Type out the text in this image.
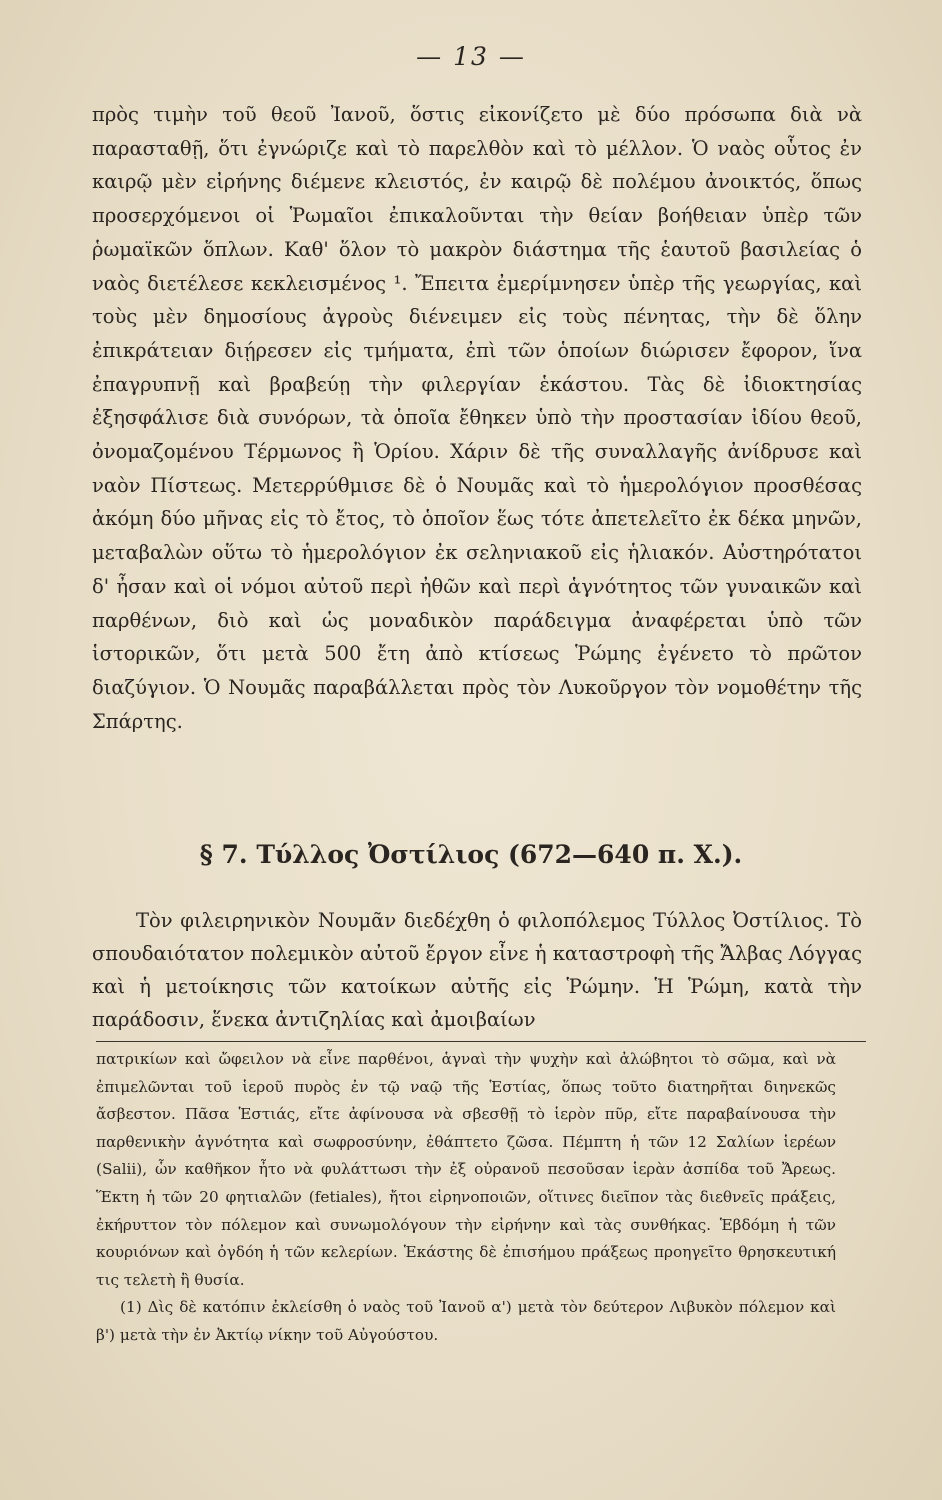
— 13 —

πρὸς τιμὴν τοῦ θεοῦ Ἰανοῦ, ὅστις εἰκονίζετο μὲ δύο πρόσωπα διὰ νὰ παρασταθῇ, ὅτι ἐγνώριζε καὶ τὸ παρελθὸν καὶ τὸ μέλλον. Ὁ ναὸς οὗτος ἐν καιρῷ μὲν εἰρήνης διέμενε κλειστός, ἐν καιρῷ δὲ πολέμου ἀνοικτός, ὅπως προσερχόμενοι οἱ Ῥωμαῖοι ἐπικαλοῦνται τὴν θείαν βοήθειαν ὑπὲρ τῶν ῥωμαϊκῶν ὅπλων. Καθ' ὅλον τὸ μακρὸν διάστημα τῆς ἑαυτοῦ βασιλείας ὁ ναὸς διετέλεσε κεκλεισμένος ¹. Ἔπειτα ἐμερίμνησεν ὑπὲρ τῆς γεωργίας, καὶ τοὺς μὲν δημοσίους ἀγροὺς διένειμεν εἰς τοὺς πένητας, τὴν δὲ ὅλην ἐπικράτειαν διῄρεσεν εἰς τμήματα, ἐπὶ τῶν ὁποίων διώρισεν ἔφορον, ἵνα ἐπαγρυπνῇ καὶ βραβεύῃ τὴν φιλεργίαν ἑκάστου. Τὰς δὲ ἰδιοκτησίας ἐξησφάλισε διὰ συνόρων, τὰ ὁποῖα ἔθηκεν ὑπὸ τὴν προστασίαν ἰδίου θεοῦ, ὀνομαζομένου Τέρμωνος ἢ Ὁρίου. Χάριν δὲ τῆς συναλλαγῆς ἀνίδρυσε καὶ ναὸν Πίστεως. Μετερρύθμισε δὲ ὁ Νουμᾶς καὶ τὸ ἡμερολόγιον προσθέσας ἀκόμη δύο μῆνας εἰς τὸ ἔτος, τὸ ὁποῖον ἕως τότε ἀπετελεῖτο ἐκ δέκα μηνῶν, μεταβαλὼν οὕτω τὸ ἡμερολόγιον ἐκ σεληνιακοῦ εἰς ἡλιακόν. Αὐστηρότατοι δ' ἦσαν καὶ οἱ νόμοι αὐτοῦ περὶ ἠθῶν καὶ περὶ ἁγνότητος τῶν γυναικῶν καὶ παρθένων, διὸ καὶ ὡς μοναδικὸν παράδειγμα ἀναφέρεται ὑπὸ τῶν ἱστορικῶν, ὅτι μετὰ 500 ἔτη ἀπὸ κτίσεως Ῥώμης ἐγένετο τὸ πρῶτον διαζύγιον. Ὁ Νουμᾶς παραβάλλεται πρὸς τὸν Λυκοῦργον τὸν νομοθέτην τῆς Σπάρτης.

§ 7. Τύλλος Ὀστίλιος (672—640 π. Χ.).

Τὸν φιλειρηνικὸν Νουμᾶν διεδέχθη ὁ φιλοπόλεμος Τύλλος Ὀστίλιος. Τὸ σπουδαιότατον πολεμικὸν αὐτοῦ ἔργον εἶνε ἡ καταστροφὴ τῆς Ἄλβας Λόγγας καὶ ἡ μετοίκησις τῶν κατοίκων αὐτῆς εἰς Ῥώμην. Ἡ Ῥώμη, κατὰ τὴν παράδοσιν, ἕνεκα ἀντιζηλίας καὶ ἀμοιβαίων

πατρικίων καὶ ὤφειλον νὰ εἶνε παρθένοι, ἁγναὶ τὴν ψυχὴν καὶ ἀλώβητοι τὸ σῶμα, καὶ νὰ ἐπιμελῶνται τοῦ ἱεροῦ πυρὸς ἐν τῷ ναῷ τῆς Ἑστίας, ὅπως τοῦτο διατηρῆται διηνεκῶς ἄσβεστον. Πᾶσα Ἑστιάς, εἴτε ἀφίνουσα νὰ σβεσθῇ τὸ ἱερὸν πῦρ, εἴτε παραβαίνουσα τὴν παρθενικὴν ἁγνότητα καὶ σωφροσύνην, ἐθάπτετο ζῶσα. Πέμπτη ἡ τῶν 12 Σαλίων ἱερέων (Salii), ὧν καθῆκον ἦτο νὰ φυλάττωσι τὴν ἐξ οὐρανοῦ πεσοῦσαν ἱερὰν ἀσπίδα τοῦ Ἄρεως. Ἕκτη ἡ τῶν 20 φητιαλῶν (fetiales), ἤτοι εἰρηνοποιῶν, οἵτινες διεῖπον τὰς διεθνεῖς πράξεις, ἐκήρυττον τὸν πόλεμον καὶ συνωμολόγουν τὴν εἰρήνην καὶ τὰς συνθήκας. Ἑβδόμη ἡ τῶν κουριόνων καὶ ὀγδόη ἡ τῶν κελερίων. Ἑκάστης δὲ ἐπισήμου πράξεως προηγεῖτο θρησκευτική τις τελετὴ ἢ θυσία.

(1) Δὶς δὲ κατόπιν ἐκλείσθη ὁ ναὸς τοῦ Ἰανοῦ α') μετὰ τὸν δεύτερον Λιβυκὸν πόλεμον καὶ β') μετὰ τὴν ἐν Ἀκτίῳ νίκην τοῦ Αὐγούστου.
